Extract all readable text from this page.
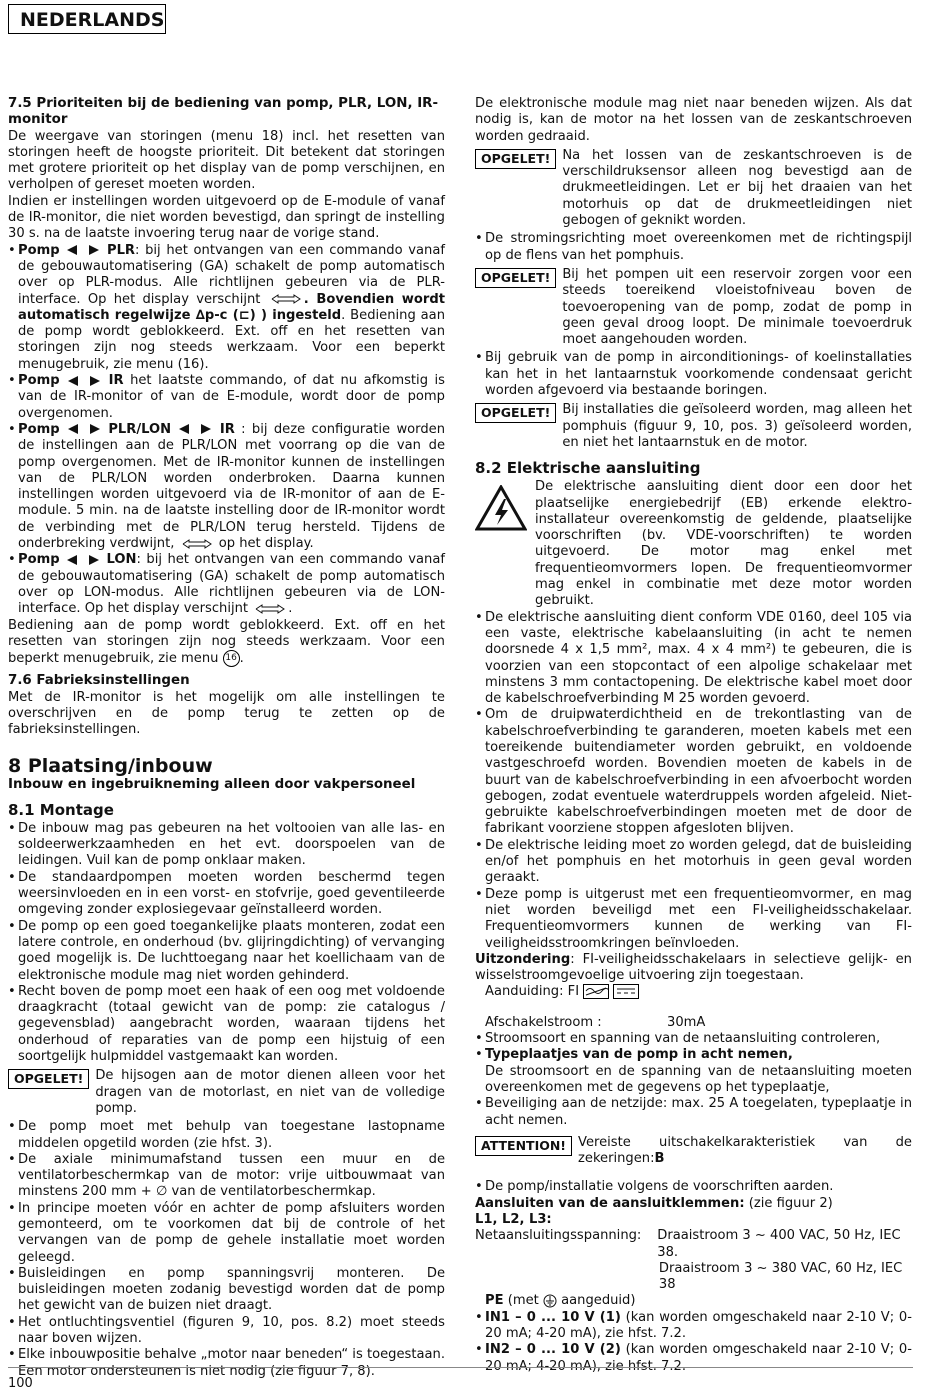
NEDERLANDS
7.5 Prioriteiten bij de bediening van pomp, PLR, LON, IR-monitor

De weergave van storingen (menu 18) incl. het resetten van storingen heeft de hoogste prioriteit. Dit betekent dat storingen met grotere prioriteit op het display van de pomp verschijnen, en verholpen of gereset moeten worden.

Indien er instellingen worden uitgevoerd op de E-module of vanaf de IR-monitor, die niet worden bevestigd, dan springt de instelling 30 s. na de laatste invoering terug naar de vorige stand.

• Pomp	PLR: bij het ontvangen van een commando vanaf de gebouwautomatisering (GA) schakelt de pomp automatisch over op PLR-modus. Alle richtlijnen gebeuren via de PLR-interface. Op het display verschijnt	. Bovendien wordt automatisch regelwijze ∆p-c (⊏) ) ingesteld. Bediening aan de pomp wordt geblokkeerd. Ext. off en het resetten van storingen zijn nog steeds werkzaam. Voor een beperkt menugebruik, zie menu (16).
• Pomp	IR het laatste commando, of dat nu afkomstig is van de IR-monitor of van de E-module, wordt door de pomp overgenomen.
• Pomp	PLR/LON	IR : bij deze configuratie worden de instellingen aan de PLR/LON met voorrang op die van de pomp overgenomen. Met de IR-monitor kunnen de instellingen van de PLR/LON worden onderbroken. Daarna kunnen instellingen worden uitgevoerd via de IR-monitor of aan de E-module. 5 min. na de laatste instelling door de IR-monitor wordt de verbinding met de PLR/LON terug hersteld. Tijdens de onderbreking verdwijnt,	op het display.
• Pomp	LON: bij het ontvangen van een commando vanaf de gebouwautomatisering (GA) schakelt de pomp automatisch over op LON-modus. Alle richtlijnen gebeuren via de LON-interface. Op het display verschijnt	.

Bediening aan de pomp wordt geblokkeerd. Ext. off en het resetten van storingen zijn nog steeds werkzaam. Voor een beperkt menugebruik, zie menu 16 .

7.6 Fabrieksinstellingen

Met de IR-monitor is het mogelijk om alle instellingen te overschrijven en de pomp terug te zetten op de fabrieksinstellingen.

8 Plaatsing/inbouw
Inbouw en ingebruikneming alleen door vakpersoneel
8.1 Montage
• De inbouw mag pas gebeuren na het voltooien van alle las- en soldeerwerkzaamheden en het evt. doorspoelen van de leidingen. Vuil kan de pomp onklaar maken.
• De standaardpompen moeten worden beschermd tegen weersinvloeden en in een vorst- en stofvrije, goed geventileerde omgeving zonder explosiegevaar geïnstalleerd worden.
• De pomp op een goed toegankelijke plaats monteren, zodat een latere controle, en onderhoud (bv. glijringdichting) of vervanging goed mogelijk is. De luchttoegang naar het koellichaam van de elektronische module mag niet worden gehinderd.
• Recht boven de pomp moet een haak of een oog met voldoende draagkracht (totaal gewicht van de pomp: zie catalogus / gegevensblad) aangebracht worden, waaraan tijdens het onderhoud of reparaties van de pomp een hijstuig of een soortgelijk hulpmiddel vastgemaakt kan worden.
OPGELET! De hijsogen aan de motor dienen alleen voor het dragen van de motorlast, en niet van de volledige pomp.
• De pomp moet met behulp van toegestane lastopname middelen opgetild worden (zie hfst. 3).
• De axiale minimumafstand tussen een muur en de ventilatorbeschermkap van de motor: vrije uitbouwmaat van minstens 200 mm + ∅ van de ventilatorbeschermkap.
• In principe moeten vóór en achter de pomp afsluiters worden gemonteerd, om te voorkomen dat bij de controle of het vervangen van de pomp de gehele installatie moet worden geleegd.
• Buisleidingen en pomp spanningsvrij monteren. De buisleidingen moeten zodanig bevestigd worden dat de pomp het gewicht van de buizen niet draagt.
• Het ontluchtingsventiel (figuren 9, 10, pos. 8.2) moet steeds naar boven wijzen.
• Elke inbouwpositie behalve „motor naar beneden“ is toegestaan. Een motor ondersteunen is niet nodig (zie figuur 7, 8).

De elektronische module mag niet naar beneden wijzen. Als dat nodig is, kan de motor na het lossen van de zeskantschroeven worden gedraaid.

OPGELET! Na het lossen van de zeskantschroeven is de verschildruksensor alleen nog bevestigd aan de drukmeetleidingen. Let er bij het draaien van het motorhuis op dat de drukmeetleidingen niet gebogen of geknikt worden.
• De stromingsrichting moet overeenkomen met de richtingspijl op de flens van het pomphuis.
OPGELET! Bij het pompen uit een reservoir zorgen voor een steeds toereikend vloeistofniveau boven de toevoeropening van de pomp, zodat de pomp in geen geval droog loopt. De minimale toevoerdruk moet aangehouden worden.
• Bij gebruik van de pomp in airconditionings- of koelinstallaties kan het in het lantaarnstuk voorkomende condensaat gericht worden afgevoerd via bestaande boringen.
OPGELET! Bij installaties die geïsoleerd worden, mag alleen het pomphuis (figuur 9, 10, pos. 3) geïsoleerd worden, en niet het lantaarnstuk en de motor.
8.2 Elektrische aansluiting
De elektrische aansluiting dient door een door het plaatselijke energiebedrijf (EB) erkende elektro-installateur overeenkomstig de geldende, plaatselijke voorschriften (bv. VDE-voorschriften) te worden uitgevoerd. De motor mag enkel met frequentieomvormers lopen. De frequentieomvormer mag enkel in combinatie met deze motor worden gebruikt.
• De elektrische aansluiting dient conform VDE 0160, deel 105 via een vaste, elektrische kabelaansluiting (in acht te nemen doorsnede 4 x 1,5 mm², max. 4 x 4 mm²) te gebeuren, die is voorzien van een stopcontact of een alpolige schakelaar met minstens 3 mm contactopening. De elektrische kabel moet door de kabelschroefverbinding M 25 worden gevoerd.
• Om de druipwaterdichtheid en de trekontlasting van de kabelschroefverbinding te garanderen, moeten kabels met een toereikende buitendiameter worden gebruikt, en voldoende vastgeschroefd worden. Bovendien moeten de kabels in de buurt van de kabelschroefverbinding in een afvoerbocht worden gebogen, zodat eventuele waterdruppels worden afgeleid. Niet-gebruikte kabelschroefverbindingen moeten met de door de fabrikant voorziene stoppen afgesloten blijven.
• De elektrische leiding moet zo worden gelegd, dat de buisleiding en/of het pomphuis en het motorhuis in geen geval worden geraakt.
• Deze pomp is uitgerust met een frequentieomvormer, en mag niet worden beveiligd met een FI-veiligheidsschakelaar. Frequentieomvormers kunnen de werking van FI-veiligheidsstroomkringen beïnvloeden.

Uitzondering: FI-veiligheidsschakelaars in selectieve gelijk- en wisselstroomgevoelige uitvoering zijn toegestaan.

Aanduiding: FI

Afschakelstroom :	30mA
• Stroomsoort en spanning van de netaansluiting controleren,
• Typeplaatjes van de pomp in acht nemen,
De stroomsoort en de spanning van de netaansluiting moeten overeenkomen met de gegevens op het typeplaatje,
• Beveiliging aan de netzijde: max. 25 A toegelaten, typeplaatje in acht nemen.
ATTENTION! Vereiste uitschakelkarakteristiek van de zekeringen:B
• De pomp/installatie volgens de voorschriften aarden.

Aansluiten van de aansluitklemmen: (zie figuur 2)

L1, L2, L3:

Netaansluitingsspanning:	Draaistroom 3 ~ 400 VAC, 50 Hz, IEC 38.
Draaistroom 3 ~ 380 VAC, 60 Hz, IEC 38

PE (met  aangeduid)

• IN1 – 0 ... 10 V (1) (kan worden omgeschakeld naar 2-10 V; 0-20 mA; 4-20 mA), zie hfst. 7.2.
• IN2 – 0 ... 10 V (2) (kan worden omgeschakeld naar 2-10 V; 0-20 mA; 4-20 mA), zie hfst. 7.2.
100
